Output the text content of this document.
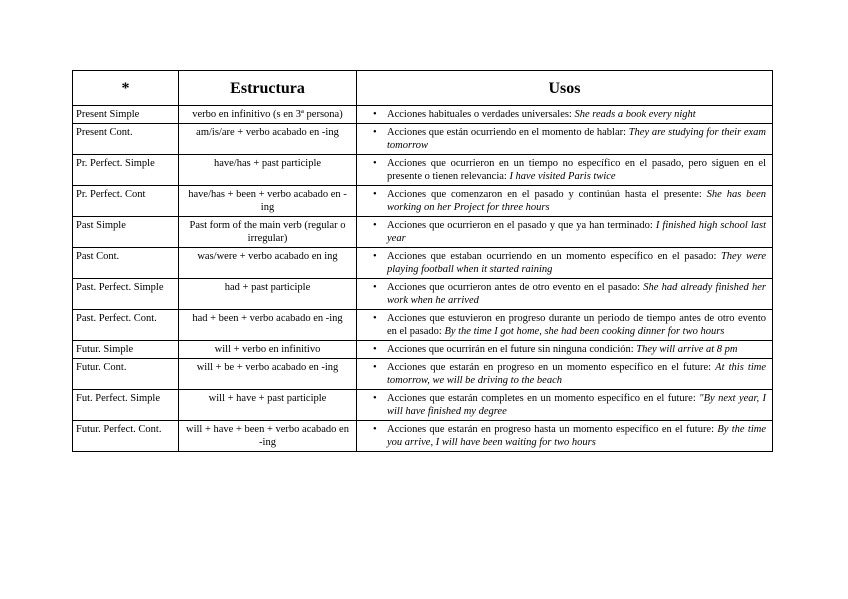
*	Estructura	Usos
Present Simple	verbo en infinitivo (s en 3ª persona)	• Acciones habituales o verdades universales: She reads a book every night

Present Cont.	am/is/are + verbo acabado en -ing	• Acciones que están ocurriendo en el momento de hablar: They are studying for their exam tomorrow

Pr. Perfect. Simple	have/has + past participle	• Acciones que ocurrieron en un tiempo no específico en el pasado, pero siguen en el presente o tienen relevancia: I have visited Paris twice

Pr. Perfect. Cont	have/has + been + verbo acabado en -ing	• Acciones que comenzaron en el pasado y continúan hasta el presente: She has been working on her Project for three hours

Past Simple	Past form of the main verb (regular o irregular)	• Acciones que ocurrieron en el pasado y que ya han terminado: I finished high school last year

Past Cont.	was/were + verbo acabado en ing	• Acciones que estaban ocurriendo en un momento específico en el pasado: They were playing football when it started raining

Past. Perfect. Simple	had + past participle	• Acciones que ocurrieron antes de otro evento en el pasado: She had already finished her work when he arrived

Past. Perfect. Cont.	had + been + verbo acabado en -ing	• Acciones que estuvieron en progreso durante un periodo de tiempo antes de otro evento en el pasado: By the time I got home, she had been cooking dinner for two hours

Futur. Simple	will + verbo en infinitivo	• Acciones que ocurrirán en el future sin ninguna condición: They will arrive at 8 pm

Futur. Cont.	will + be + verbo acabado en -ing	• Acciones que estarán en progreso en un momento específico en el future: At this time tomorrow, we will be driving to the beach

Fut. Perfect. Simple	will + have + past participle	• Acciones que estarán completes en un momento específico en el future: "By next year, I will have finished my degree

Futur. Perfect. Cont.	will + have + been + verbo acabado en -ing	• Acciones que estarán en progreso hasta un momento específico en el future: By the time you arrive, I will have been waiting for two hours
